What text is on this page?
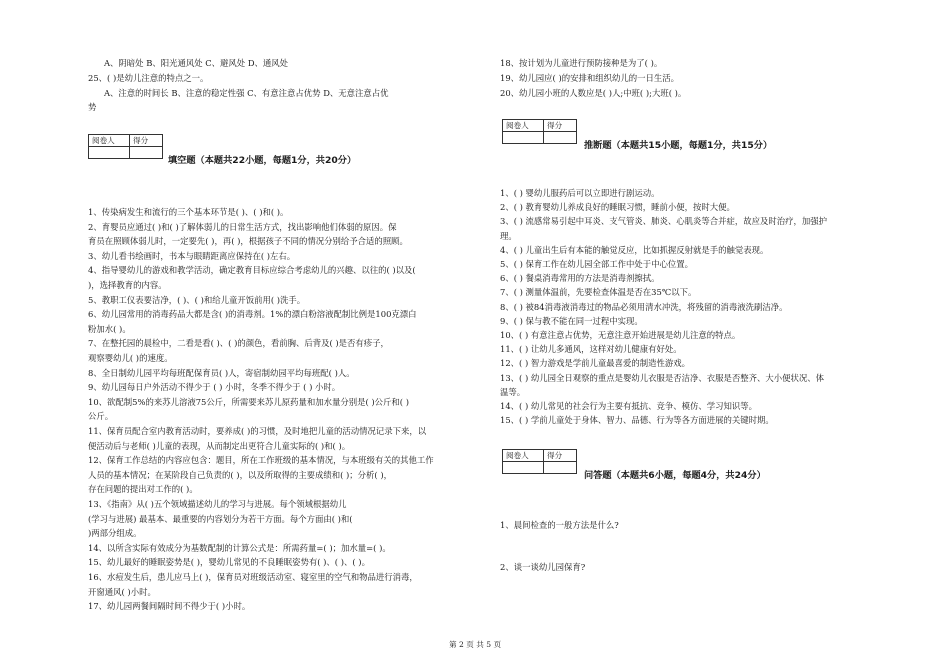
A、阴暗处 B、阳光通风处 C、避风处 D、通风处
25、( )是幼儿注意的特点之一。
A、注意的时间长 B、注意的稳定性强 C、有意注意占优势 D、无意注意占优
势
阅卷人	得分

填空题（本题共22小题，每题1分，共20分）
1、传染病发生和流行的三个基本环节是( )、( )和( )。
2、育婴员应通过( )和( )了解体弱儿的日常生活方式，找出影响他们体弱的原因。保
育员在照顾体弱儿时，一定要先( )，再( )，根据孩子不同的情况分别给予合适的照顾。
3、幼儿看书绘画时，书本与眼睛距离应保持在( )左右。
4、指导婴幼儿的游戏和教学活动，确定教育目标应综合考虑幼儿的兴趣、以往的( )以及(
)，选择教育的内容。
5、教职工仪表要洁净，( )、( )和给儿童开饭前用( )洗手。
6、幼儿园常用的消毒药品大都是含( )的消毒剂。1%的漂白粉溶液配制比例是100克漂白
粉加水( )。
7、在整托园的晨检中，二看是看( )、( )的颜色，看前胸、后背及( )是否有疹子，
观察婴幼儿( )的速度。
8、全日制幼儿园平均每班配保育员( )人，寄宿制幼园平均每班配( )人。
9、幼儿园每日户外活动不得少于 ( ) 小时，冬季不得少于 ( ) 小时。
10、欲配制5%的来苏儿溶液75公斤，所需要来苏儿原药量和加水量分别是( )公斤和( )
公斤。
11、保育员配合室内教育活动时，要养成( )的习惯，及时地把儿童的活动情况记录下来，以
便活动后与老师( )儿童的表现，从而制定出更符合儿童实际的( )和( )。
12、保育工作总结的内容应包含：题目，所在工作班级的基本情况，与本班级有关的其他工作
人员的基本情况；在某阶段自己负责的( )，以及所取得的主要成绩和( )；分析( )，
存在问题的提出对工作的( )。
13、《指南》从( )五个领域描述幼儿的学习与进展。每个领域根据幼儿
(学习与进展) 最基本、最重要的内容划分为若干方面。每个方面由( )和(
)两部分组成。
14、以所含实际有效成分为基数配制的计算公式是：所需药量=( )；加水量=( )。
15、幼儿最好的睡眠姿势是( )，婴幼儿常见的不良睡眠姿势有( )、( )、( )。
16、水痘发生后，患儿应马上( )，保育员对班级活动室、寝室里的空气和物品进行消毒，
开窗通风( )小时。
17、幼儿园两餐间隔时间不得少于( )小时。
18、按计划为儿童进行预防接种是为了( )。
19、幼儿园应( )的安排和组织幼儿的一日生活。
20、幼儿园小班的人数应是( )人;中班( );大班( )。
阅卷人	得分

推断题（本题共15小题，每题1分，共15分）
1、( ) 婴幼儿服药后可以立即进行剧运动。
2、( ) 教育婴幼儿养成良好的睡眠习惯，睡前小便，按时大便。
3、( ) 流感常易引起中耳炎、支气管炎、肺炎、心肌炎等合并症，故应及时治疗，加强护
理。
4、( ) 儿童出生后有本能的触觉反应，比如抓握反射就是手的触觉表现。
5、( ) 保育工作在幼儿园全部工作中处于中心位置。
6、( ) 餐桌消毒常用的方法是消毒剂擦拭。
7、( ) 测量体温前，先要检查体温是否在35℃以下。
8、( ) 被84消毒液消毒过的物品必须用清水冲洗，将残留的消毒液洗刷洁净。
9、( ) 保与教不能在同一过程中实现。
10、( ) 有意注意占优势，无意注意开始进展是幼儿注意的特点。
11、( ) 让幼儿多通风，这样对幼儿健康有好处。
12、( ) 智力游戏是学前儿童最喜爱的制造性游戏。
13、( ) 幼儿园全日观察的重点是婴幼儿衣服是否洁净、衣服是否整齐、大小便状况、体
温等。
14、( ) 幼儿常见的社会行为主要有抵抗、竞争、模仿、学习知识等。
15、( ) 学前儿童处于身体、智力、品德、行为等各方面进展的关键时期。
阅卷人	得分

问答题（本题共6小题，每题4分，共24分）
1、晨间检查的一般方法是什么?
2、谈一谈幼儿园保育?
第 2 页 共 5 页
